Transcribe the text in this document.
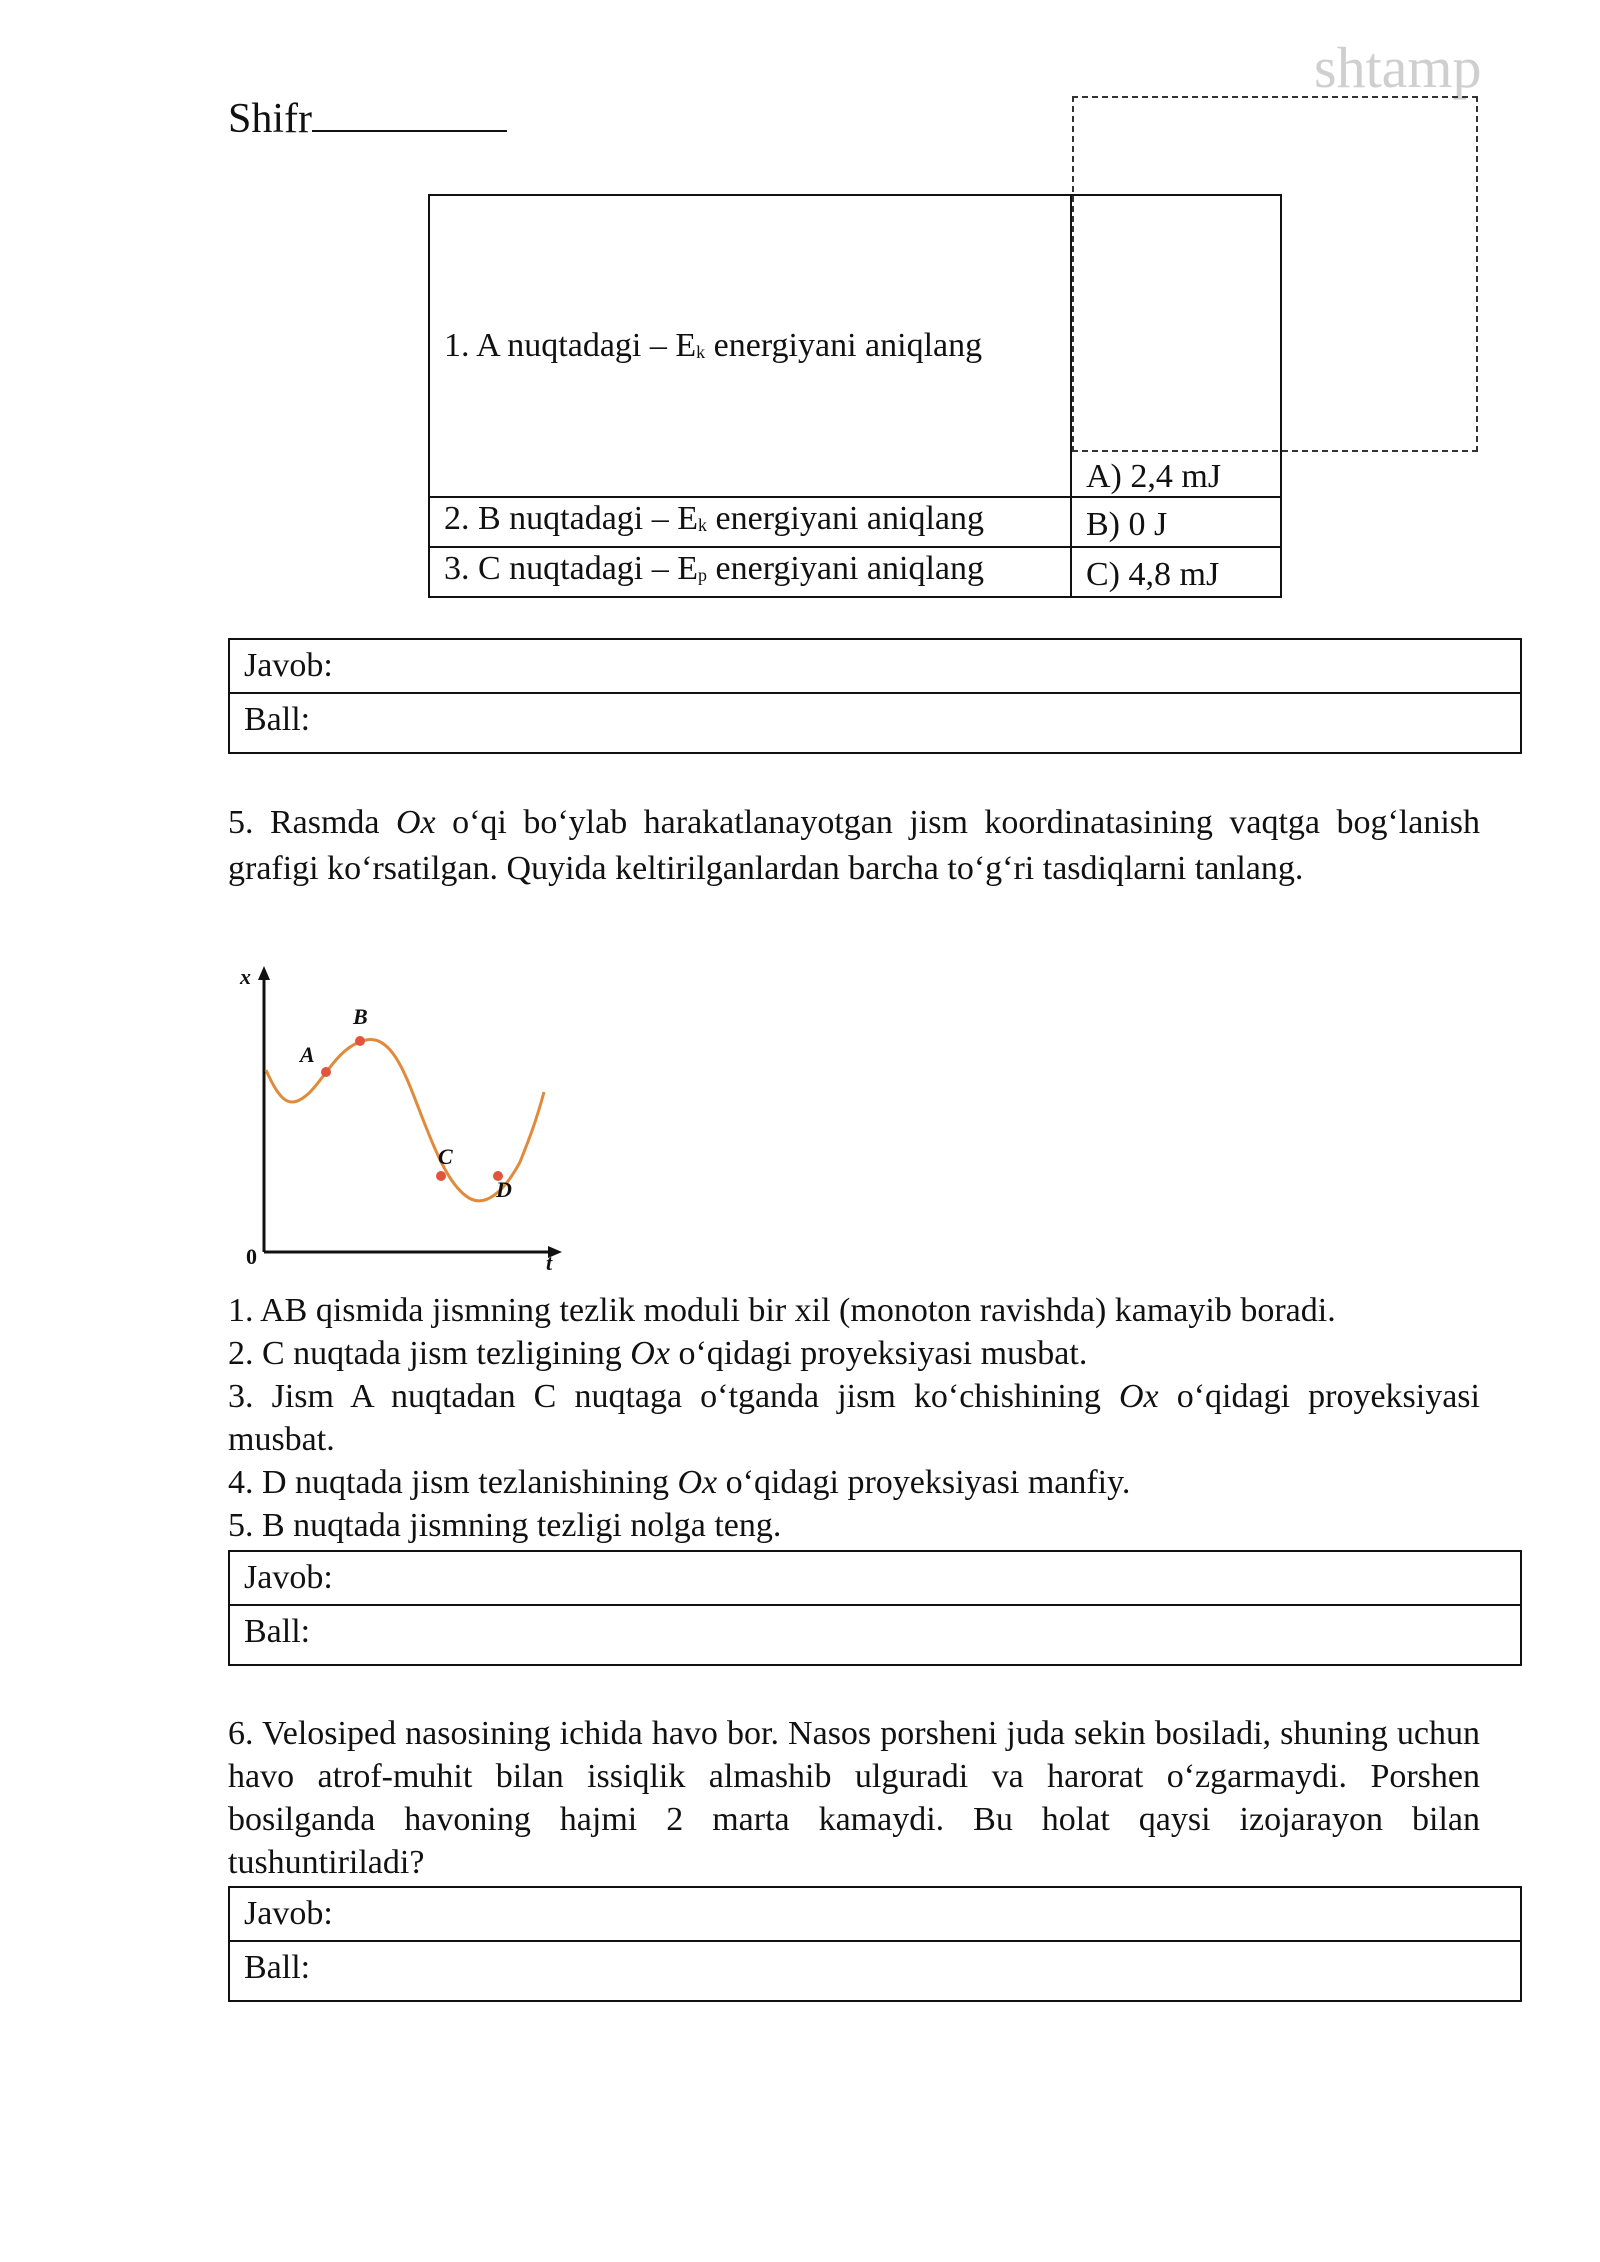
Shifr
shtamp
1. A nuqtadagi – $E_k$ energiyani aniqlang	A) 2,4 mJ
2. B nuqtadagi – $E_k$ energiyani aniqlang	B) 0 J
3. C nuqtadagi – $E_p$ energiyani aniqlang	C) 4,8 mJ
Javob:
Ball:
5. Rasmda Ox o‘qi bo‘ylab harakatlanayotgan jism koordinatasining vaqtga bog‘lanish grafigi ko‘rsatilgan. Quyida keltirilganlardan barcha to‘g‘ri tasdiqlarni tanlang.
x
t
0
A
B
C
D
1. AB qismida jismning tezlik moduli bir xil (monoton ravishda) kamayib boradi.
2. C nuqtada jism tezligining Ox o‘qidagi proyeksiyasi musbat.
3. Jism A nuqtadan C nuqtaga o‘tganda jism ko‘chishining Ox o‘qidagi proyeksiyasi musbat.
4. D nuqtada jism tezlanishining Ox o‘qidagi proyeksiyasi manfiy.
5. B nuqtada jismning tezligi nolga teng.
Javob:
Ball:
6. Velosiped nasosining ichida havo bor. Nasos porsheni juda sekin bosiladi, shuning uchun havo atrof-muhit bilan issiqlik almashib ulguradi va harorat o‘zgarmaydi. Porshen bosilganda havoning hajmi 2 marta kamaydi. Bu holat qaysi izojarayon bilan tushuntiriladi?
Javob:
Ball:
